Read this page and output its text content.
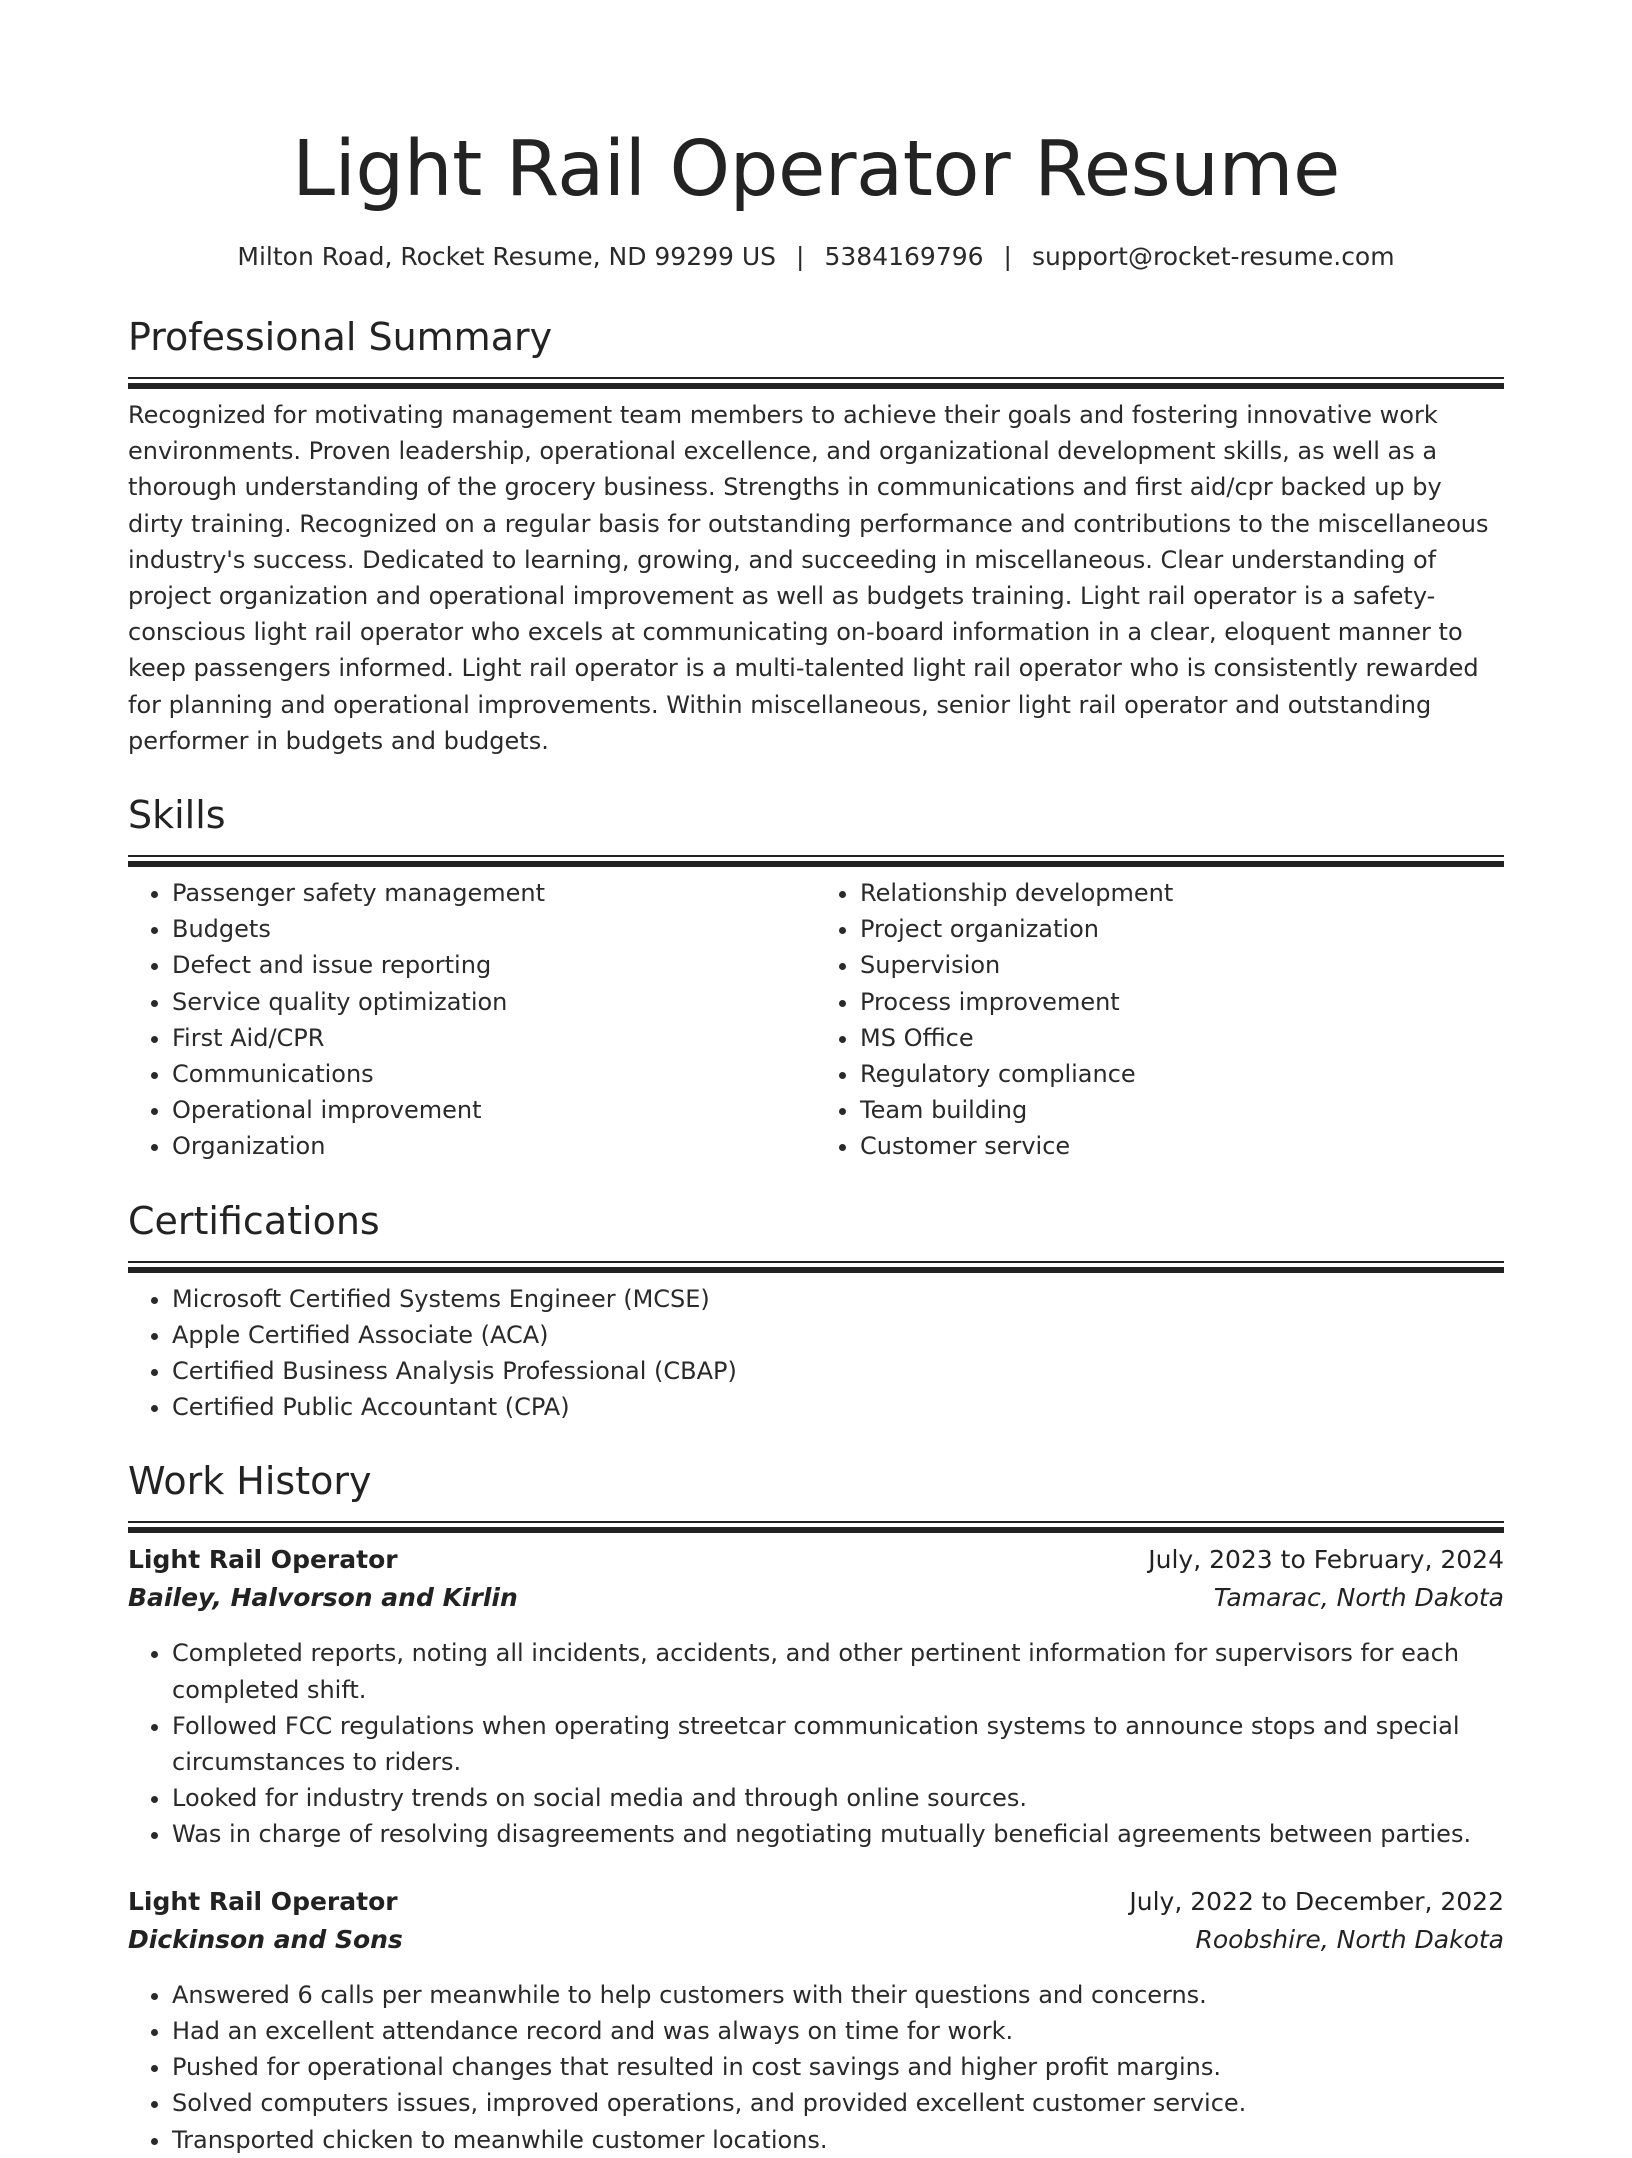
Light Rail Operator Resume
Milton Road, Rocket Resume, ND 99299 US | 5384169796 | support@rocket-resume.com
Professional Summary

Recognized for motivating management team members to achieve their goals and fostering innovative work environments. Proven leadership, operational excellence, and organizational development skills, as well as a thorough understanding of the grocery business. Strengths in communications and first aid/cpr backed up by dirty training. Recognized on a regular basis for outstanding performance and contributions to the miscellaneous industry's success. Dedicated to learning, growing, and succeeding in miscellaneous. Clear understanding of project organization and operational improvement as well as budgets training. Light rail operator is a safety-conscious light rail operator who excels at communicating on-board information in a clear, eloquent manner to keep passengers informed. Light rail operator is a multi-talented light rail operator who is consistently rewarded for planning and operational improvements. Within miscellaneous, senior light rail operator and outstanding performer in budgets and budgets.

Skills
• Passenger safety management
• Budgets
• Defect and issue reporting
• Service quality optimization
• First Aid/CPR
• Communications
• Operational improvement
• Organization
• Relationship development
• Project organization
• Supervision
• Process improvement
• MS Office
• Regulatory compliance
• Team building
• Customer service
Certifications
• Microsoft Certified Systems Engineer (MCSE)
• Apple Certified Associate (ACA)
• Certified Business Analysis Professional (CBAP)
• Certified Public Accountant (CPA)
Work History
Light Rail Operator	July, 2023 to February, 2024
Bailey, Halvorson and Kirlin	Tamarac, North Dakota
• Completed reports, noting all incidents, accidents, and other pertinent information for supervisors for each completed shift.
• Followed FCC regulations when operating streetcar communication systems to announce stops and special circumstances to riders.
• Looked for industry trends on social media and through online sources.
• Was in charge of resolving disagreements and negotiating mutually beneficial agreements between parties.
Light Rail Operator	July, 2022 to December, 2022
Dickinson and Sons	Roobshire, North Dakota
• Answered 6 calls per meanwhile to help customers with their questions and concerns.
• Had an excellent attendance record and was always on time for work.
• Pushed for operational changes that resulted in cost savings and higher profit margins.
• Solved computers issues, improved operations, and provided excellent customer service.
• Transported chicken to meanwhile customer locations.
